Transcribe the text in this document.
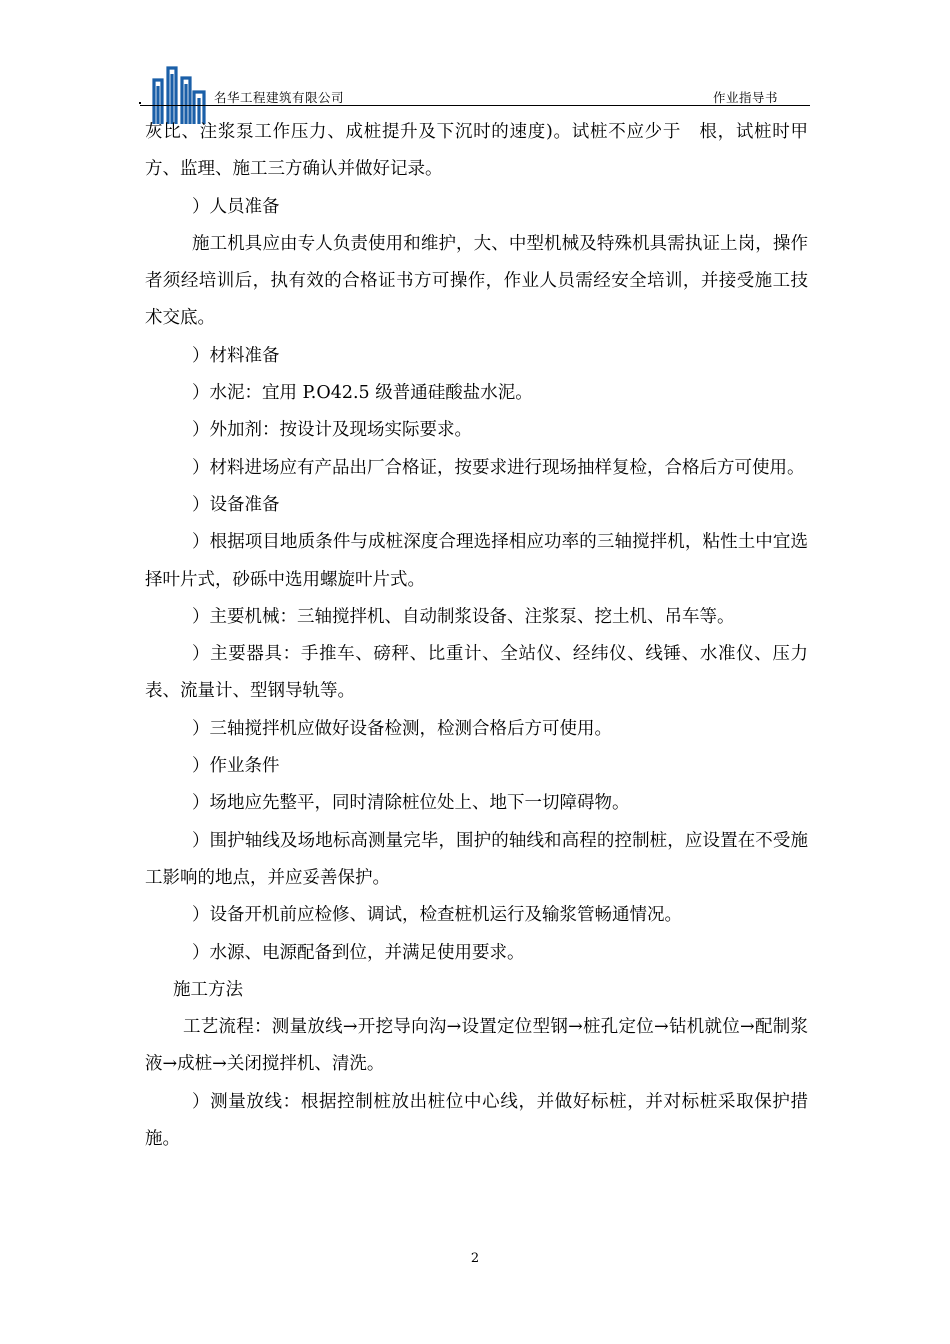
名华工程建筑有限公司	作业指导书

灰比、注浆泵工作压力、成桩提升及下沉时的速度)。试桩不应少于　根，试桩时甲方、监理、施工三方确认并做好记录。

）人员准备

施工机具应由专人负责使用和维护，大、中型机械及特殊机具需执证上岗，操作者须经培训后，执有效的合格证书方可操作，作业人员需经安全培训，并接受施工技术交底。

）材料准备

）水泥：宜用 P.O42.5 级普通硅酸盐水泥。

）外加剂：按设计及现场实际要求。

）材料进场应有产品出厂合格证，按要求进行现场抽样复检，合格后方可使用。

）设备准备

）根据项目地质条件与成桩深度合理选择相应功率的三轴搅拌机，粘性土中宜选择叶片式，砂砾中选用螺旋叶片式。

）主要机械：三轴搅拌机、自动制浆设备、注浆泵、挖土机、吊车等。

）主要器具：手推车、磅秤、比重计、全站仪、经纬仪、线锤、水准仪、压力表、流量计、型钢导轨等。

）三轴搅拌机应做好设备检测，检测合格后方可使用。

）作业条件

）场地应先整平，同时清除桩位处上、地下一切障碍物。

）围护轴线及场地标高测量完毕，围护的轴线和高程的控制桩，应设置在不受施工影响的地点，并应妥善保护。

）设备开机前应检修、调试，检查桩机运行及输浆管畅通情况。

）水源、电源配备到位，并满足使用要求。

施工方法

工艺流程：测量放线→开挖导向沟→设置定位型钢→桩孔定位→钻机就位→配制浆液→成桩→关闭搅拌机、清洗。

）测量放线：根据控制桩放出桩位中心线，并做好标桩，并对标桩采取保护措施。

2
